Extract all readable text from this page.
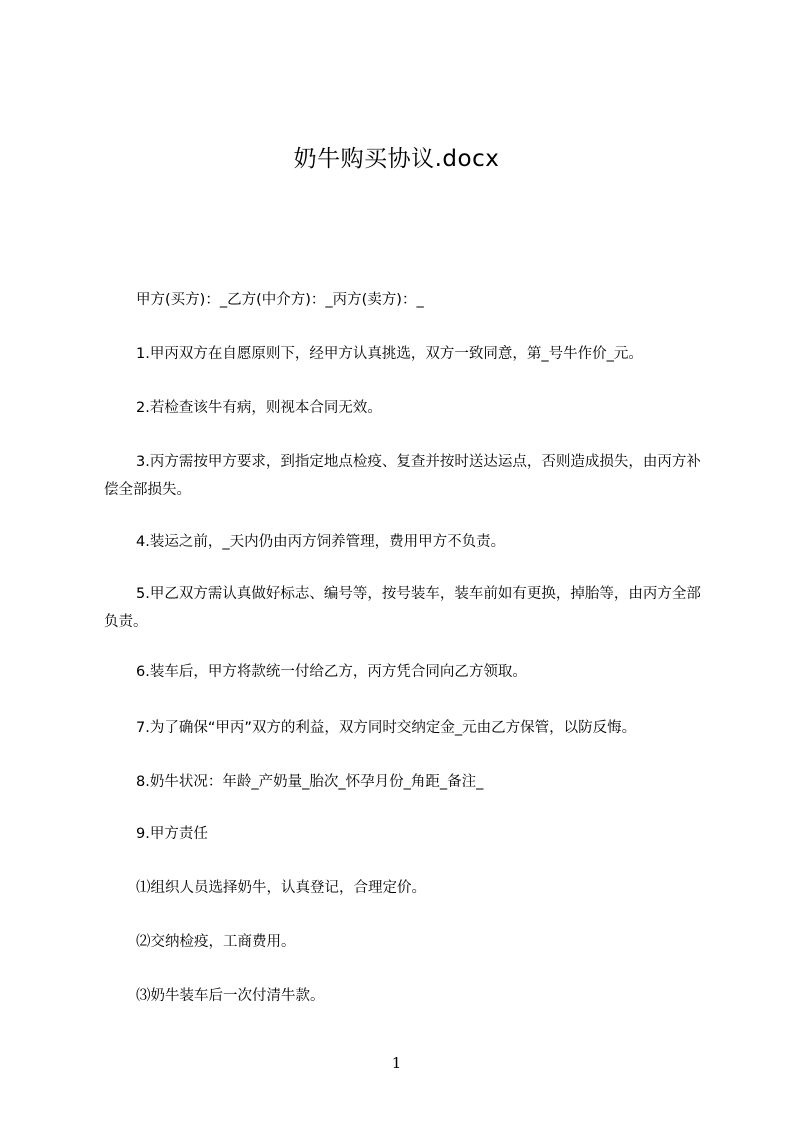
奶牛购买协议.docx
甲方(买方)：_乙方(中介方)：_丙方(卖方)：_
1.甲丙双方在自愿原则下，经甲方认真挑选，双方一致同意，第_号牛作价_元。
2.若检查该牛有病，则视本合同无效。
3.丙方需按甲方要求，到指定地点检疫、复查并按时送达运点，否则造成损失，由丙方补偿全部损失。
4.装运之前，_天内仍由丙方饲养管理，费用甲方不负责。
5.甲乙双方需认真做好标志、编号等，按号装车，装车前如有更换，掉胎等，由丙方全部负责。
6.装车后，甲方将款统一付给乙方，丙方凭合同向乙方领取。
7.为了确保“甲丙”双方的利益，双方同时交纳定金_元由乙方保管，以防反悔。
8.奶牛状况：年龄_产奶量_胎次_怀孕月份_角距_备注_
9.甲方责任
⑴组织人员选择奶牛，认真登记，合理定价。
⑵交纳检疫，工商费用。
⑶奶牛装车后一次付清牛款。
1
